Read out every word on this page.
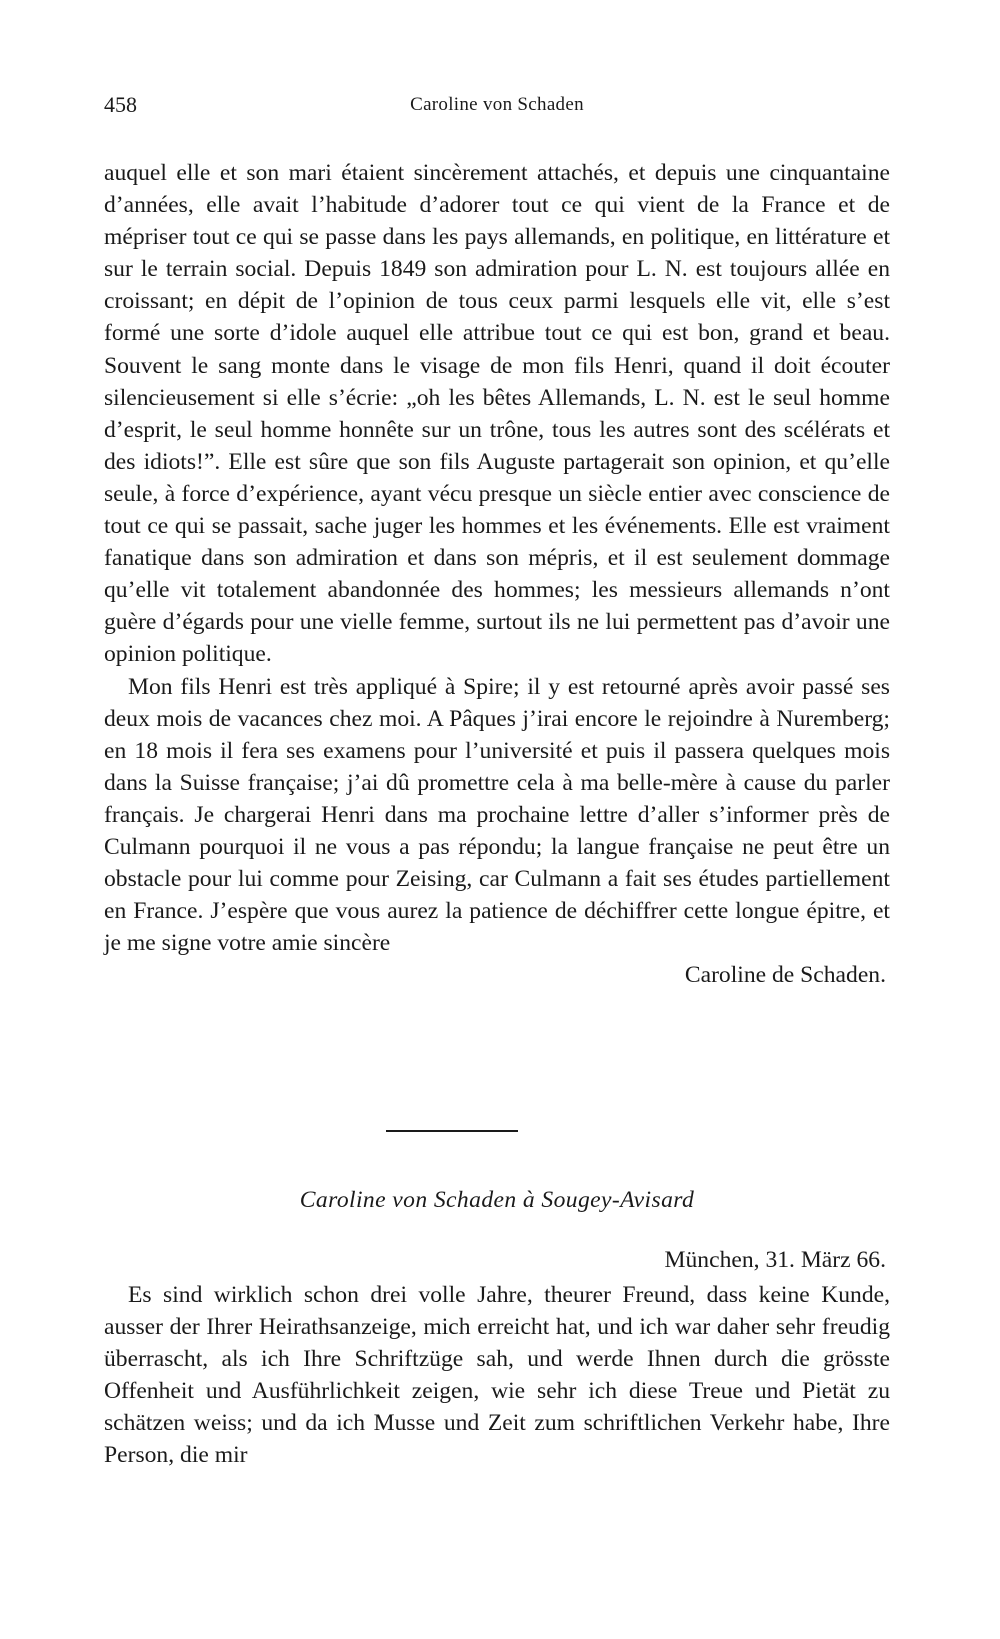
458	Caroline von Schaden

auquel elle et son mari étaient sincèrement attachés, et depuis une cinquantaine d’années, elle avait l’habitude d’adorer tout ce qui vient de la France et de mépriser tout ce qui se passe dans les pays allemands, en politique, en littérature et sur le terrain social. Depuis 1849 son admiration pour L. N. est toujours allée en croissant; en dépit de l’opinion de tous ceux parmi lesquels elle vit, elle s’est formé une sorte d’idole auquel elle attribue tout ce qui est bon, grand et beau. Souvent le sang monte dans le visage de mon fils Henri, quand il doit écouter silencieusement si elle s’écrie: „oh les bêtes Allemands, L. N. est le seul homme d’esprit, le seul homme honnête sur un trône, tous les autres sont des scélérats et des idiots!”. Elle est sûre que son fils Auguste partagerait son opinion, et qu’elle seule, à force d’expérience, ayant vécu presque un siècle entier avec conscience de tout ce qui se passait, sache juger les hommes et les événements. Elle est vraiment fanatique dans son admiration et dans son mépris, et il est seulement dommage qu’elle vit totalement abandonnée des hommes; les messieurs allemands n’ont guère d’égards pour une vielle femme, surtout ils ne lui permettent pas d’avoir une opinion politique.

Mon fils Henri est très appliqué à Spire; il y est retourné après avoir passé ses deux mois de vacances chez moi. A Pâques j’irai encore le rejoindre à Nuremberg; en 18 mois il fera ses examens pour l’université et puis il passera quelques mois dans la Suisse française; j’ai dû promettre cela à ma belle-mère à cause du parler français. Je chargerai Henri dans ma prochaine lettre d’aller s’informer près de Culmann pourquoi il ne vous a pas répondu; la langue française ne peut être un obstacle pour lui comme pour Zeising, car Culmann a fait ses études partiellement en France. J’espère que vous aurez la patience de déchiffrer cette longue épitre, et je me signe votre amie sincère

Caroline de Schaden.

Caroline von Schaden à Sougey-Avisard
München, 31. März 66.

Es sind wirklich schon drei volle Jahre, theurer Freund, dass keine Kunde, ausser der Ihrer Heirathsanzeige, mich erreicht hat, und ich war daher sehr freudig überrascht, als ich Ihre Schriftzüge sah, und werde Ihnen durch die grösste Offenheit und Ausführlichkeit zeigen, wie sehr ich diese Treue und Pietät zu schätzen weiss; und da ich Musse und Zeit zum schriftlichen Verkehr habe, Ihre Person, die mir
